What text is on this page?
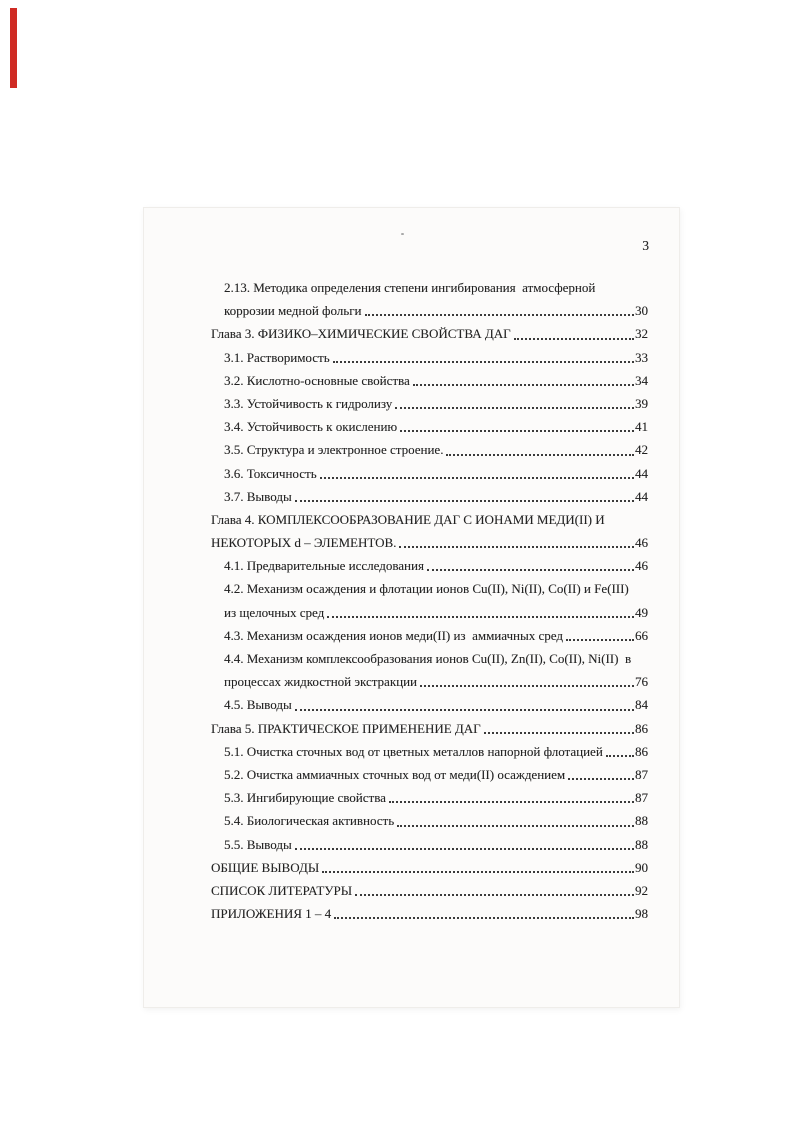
3
2.13. Методика определения степени ингибирования  атмосферной
коррозии медной фольги	30
Глава 3. ФИЗИКО–ХИМИЧЕСКИЕ СВОЙСТВА ДАГ	32
3.1. Растворимость	33
3.2. Кислотно-основные свойства	34
3.3. Устойчивость к гидролизу	39
3.4. Устойчивость к окислению	41
3.5. Структура и электронное строение.	42
3.6. Токсичность	44
3.7. Выводы	44
Глава 4. КОМПЛЕКСООБРАЗОВАНИЕ ДАГ С ИОНАМИ МЕДИ(II) И
НЕКОТОРЫХ d – ЭЛЕМЕНТОВ.	46
4.1. Предварительные исследования	46
4.2. Механизм осаждения и флотации ионов Cu(II), Ni(II), Co(II) и Fe(III)
из щелочных сред	49
4.3. Механизм осаждения ионов меди(II) из  аммиачных сред	66
4.4. Механизм комплексообразования ионов Cu(II), Zn(II), Co(II), Ni(II)  в
процессах жидкостной экстракции	76
4.5. Выводы	84
Глава 5. ПРАКТИЧЕСКОЕ ПРИМЕНЕНИЕ ДАГ	86
5.1. Очистка сточных вод от цветных металлов напорной флотацией 86
5.2. Очистка аммиачных сточных вод от меди(II) осаждением	87
5.3. Ингибирующие свойства	87
5.4. Биологическая активность	88
5.5. Выводы	88
ОБЩИЕ ВЫВОДЫ	90
СПИСОК ЛИТЕРАТУРЫ	92
ПРИЛОЖЕНИЯ 1 – 4	98
